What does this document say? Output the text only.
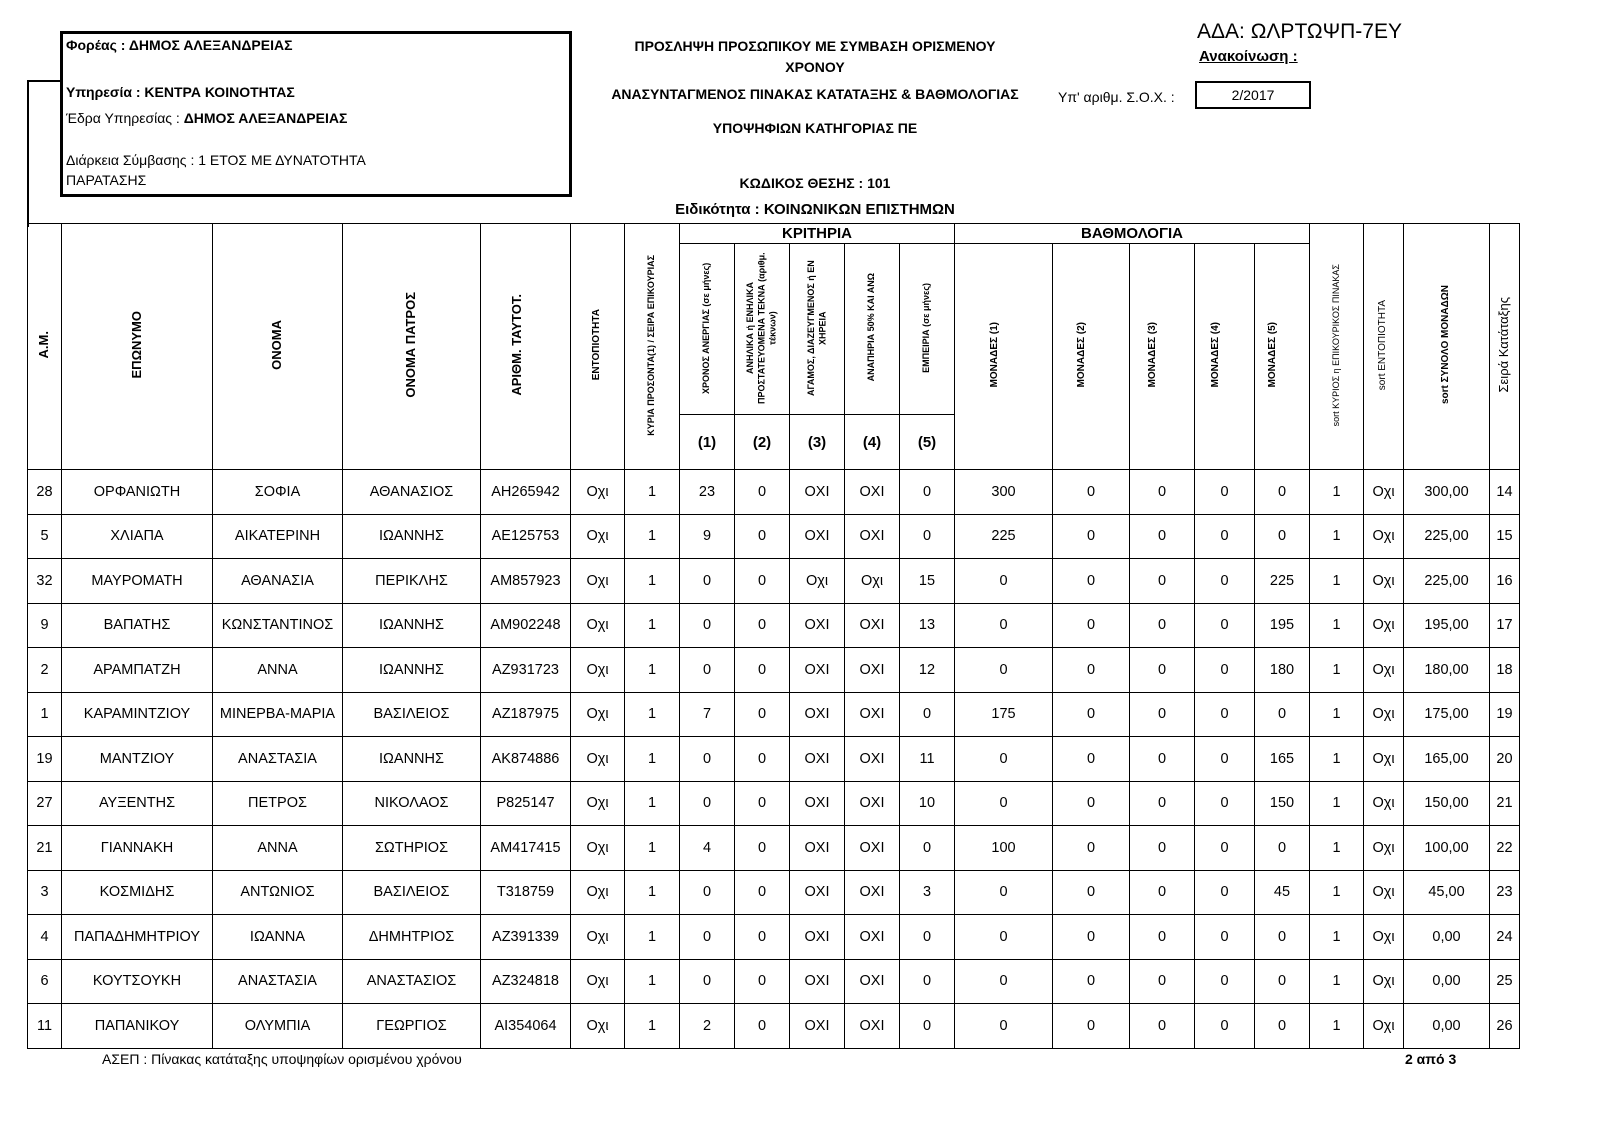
ΑΔΑ: ΩΛΡΤΩΨΠ-7ΕΥ
Ανακοίνωση :
Υπ' αριθμ. Σ.Ο.Χ. :	2/2017
Φορέας : ΔΗΜΟΣ ΑΛΕΞΑΝΔΡΕΙΑΣ
Υπηρεσία : ΚΕΝΤΡΑ ΚΟΙΝΟΤΗΤΑΣ
Έδρα Υπηρεσίας : ΔΗΜΟΣ ΑΛΕΞΑΝΔΡΕΙΑΣ
Διάρκεια Σύμβασης : 1 ΕΤΟΣ ΜΕ ΔΥΝΑΤΟΤΗΤΑ
ΠΑΡΑΤΑΣΗΣ
ΠΡΟΣΛΗΨΗ ΠΡΟΣΩΠΙΚΟΥ ΜΕ ΣΥΜΒΑΣΗ ΟΡΙΣΜΕΝΟΥ
ΧΡΟΝΟΥ
ΑΝΑΣΥΝΤΑΓΜΕΝΟΣ ΠΙΝΑΚΑΣ ΚΑΤΑΤΑΞΗΣ & ΒΑΘΜΟΛΟΓΙΑΣ
ΥΠΟΨΗΦΙΩΝ ΚΑΤΗΓΟΡΙΑΣ ΠΕ
ΚΩΔΙΚΟΣ ΘΕΣΗΣ : 101
Ειδικότητα : ΚΟΙΝΩΝΙΚΩΝ ΕΠΙΣΤΗΜΩΝ
Α.Μ.	ΕΠΩΝΥΜΟ	ΟΝΟΜΑ	ΟΝΟΜΑ ΠΑΤΡΟΣ	ΑΡΙΘΜ. ΤΑΥΤΟΤ.	ΕΝΤΟΠΙΟΤΗΤΑ	ΚΥΡΙΑ ΠΡΟΣΟΝΤΑ(1) / ΣΕΙΡΑ ΕΠΙΚΟΥΡΙΑΣ	ΚΡΙΤΗΡΙΑ					ΒΑΘΜΟΛΟΓΙΑ					sort ΚΥΡΙΟΣ η ΕΠΙΚΟΥΡΙΚΟΣ ΠΙΝΑΚΑΣ	sort ΕΝΤΟΠΙΟΤΗΤΑ	sort ΣΥΝΟΛΟ ΜΟΝΑΔΩΝ	Σειρά Κατάταξης
							ΧΡΟΝΟΣ ΑΝΕΡΓΙΑΣ (σε μήνες)	ΑΝΗΛΙΚΑ ή ΕΝΗΛΙΚΑ ΠΡΟΣΤΑΤΕΥΟΜΕΝΑ ΤΕΚΝΑ (αριθμ. τέκνων)	ΑΓΑΜΟΣ, ΔΙΑΖΕΥΓΜΕΝΟΣ ή ΕΝ ΧΗΡΕΙΑ	ΑΝΑΠΗΡΙΑ 50% ΚΑΙ ΑΝΩ	ΕΜΠΕΙΡΙΑ (σε μήνες)	ΜΟΝΑΔΕΣ (1)	ΜΟΝΑΔΕΣ (2)	ΜΟΝΑΔΕΣ (3)	ΜΟΝΑΔΕΣ (4)	ΜΟΝΑΔΕΣ (5)				
							(1)	(2)	(3)	(4)	(5)									
28	ΟΡΦΑΝΙΩΤΗ	ΣΟΦΙΑ	ΑΘΑΝΑΣΙΟΣ	ΑΗ265942	Οχι	1	23	0	ΟΧΙ	ΟΧΙ	0	300	0	0	0	0	1	Οχι	300,00	14
5	ΧΛΙΑΠΑ	ΑΙΚΑΤΕΡΙΝΗ	ΙΩΑΝΝΗΣ	ΑΕ125753	Οχι	1	9	0	ΟΧΙ	ΟΧΙ	0	225	0	0	0	0	1	Οχι	225,00	15
32	ΜΑΥΡΟΜΑΤΗ	ΑΘΑΝΑΣΙΑ	ΠΕΡΙΚΛΗΣ	ΑΜ857923	Οχι	1	0	0	Οχι	Οχι	15	0	0	0	0	225	1	Οχι	225,00	16
9	ΒΑΠΑΤΗΣ	ΚΩΝΣΤΑΝΤΙΝΟΣ	ΙΩΑΝΝΗΣ	ΑΜ902248	Οχι	1	0	0	ΟΧΙ	ΟΧΙ	13	0	0	0	0	195	1	Οχι	195,00	17
2	ΑΡΑΜΠΑΤΖΗ	ΑΝΝΑ	ΙΩΑΝΝΗΣ	ΑΖ931723	Οχι	1	0	0	ΟΧΙ	ΟΧΙ	12	0	0	0	0	180	1	Οχι	180,00	18
1	ΚΑΡΑΜΙΝΤΖΙΟΥ	ΜΙΝΕΡΒΑ-ΜΑΡΙΑ	ΒΑΣΙΛΕΙΟΣ	ΑΖ187975	Οχι	1	7	0	ΟΧΙ	ΟΧΙ	0	175	0	0	0	0	1	Οχι	175,00	19
19	ΜΑΝΤΖΙΟΥ	ΑΝΑΣΤΑΣΙΑ	ΙΩΑΝΝΗΣ	ΑΚ874886	Οχι	1	0	0	ΟΧΙ	ΟΧΙ	11	0	0	0	0	165	1	Οχι	165,00	20
27	ΑΥΞΕΝΤΗΣ	ΠΕΤΡΟΣ	ΝΙΚΟΛΑΟΣ	Ρ825147	Οχι	1	0	0	ΟΧΙ	ΟΧΙ	10	0	0	0	0	150	1	Οχι	150,00	21
21	ΓΙΑΝΝΑΚΗ	ΑΝΝΑ	ΣΩΤΗΡΙΟΣ	ΑΜ417415	Οχι	1	4	0	ΟΧΙ	ΟΧΙ	0	100	0	0	0	0	1	Οχι	100,00	22
3	ΚΟΣΜΙΔΗΣ	ΑΝΤΩΝΙΟΣ	ΒΑΣΙΛΕΙΟΣ	Τ318759	Οχι	1	0	0	ΟΧΙ	ΟΧΙ	3	0	0	0	0	45	1	Οχι	45,00	23
4	ΠΑΠΑΔΗΜΗΤΡΙΟΥ	ΙΩΑΝΝΑ	ΔΗΜΗΤΡΙΟΣ	ΑΖ391339	Οχι	1	0	0	ΟΧΙ	ΟΧΙ	0	0	0	0	0	0	1	Οχι	0,00	24
6	ΚΟΥΤΣΟΥΚΗ	ΑΝΑΣΤΑΣΙΑ	ΑΝΑΣΤΑΣΙΟΣ	ΑΖ324818	Οχι	1	0	0	ΟΧΙ	ΟΧΙ	0	0	0	0	0	0	1	Οχι	0,00	25
11	ΠΑΠΑΝΙΚΟΥ	ΟΛΥΜΠΙΑ	ΓΕΩΡΓΙΟΣ	ΑΙ354064	Οχι	1	2	0	ΟΧΙ	ΟΧΙ	0	0	0	0	0	0	1	Οχι	0,00	26
ΑΣΕΠ : Πίνακας κατάταξης υποψηφίων ορισμένου χρόνου	2 από 3
